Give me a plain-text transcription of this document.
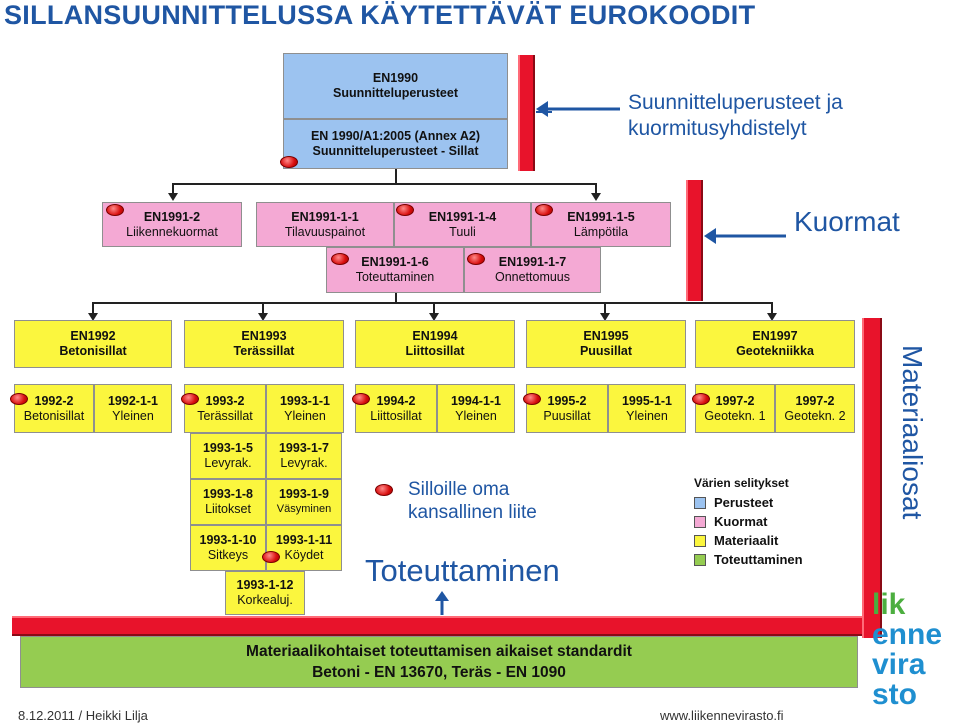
SILLANSUUNNITTELUSSA KÄYTETTÄVÄT EUROKOODIT
EN1990
Suunnitteluperusteet
EN 1990/A1:2005 (Annex A2)
Suunnitteluperusteet - Sillat
Suunnitteluperusteet ja
kuormitusyhdistelyt
EN1991-2
Liikennekuormat
EN1991-1-1
Tilavuuspainot
EN1991-1-4
Tuuli
EN1991-1-5
Lämpötila
EN1991-1-6
Toteuttaminen
EN1991-1-7
Onnettomuus
Kuormat
EN1992
Betonisillat
EN1993
Terässillat
EN1994
Liittosillat
EN1995
Puusillat
EN1997
Geotekniikka
1992-2
Betonisillat
1992-1-1
Yleinen
1993-2
Terässillat
1993-1-1
Yleinen
1994-2
Liittosillat
1994-1-1
Yleinen
1995-2
Puusillat
1995-1-1
Yleinen
1997-2
Geotekn. 1
1997-2
Geotekn. 2
1993-1-5
Levyrak.
1993-1-7
Levyrak.
1993-1-8
Liitokset
1993-1-9
Väsyminen
1993-1-10
Sitkeys
1993-1-11
Köydet
1993-1-12
Korkealuj.
Silloille oma
kansallinen liite
Toteuttaminen
Värien selitykset
Perusteet
Kuormat
Materiaalit
Toteuttaminen
Materiaaliosat
Materiaalikohtaiset toteuttamisen aikaiset standardit
Betoni - EN 13670, Teräs - EN 1090
lik
enne
vira
sto
8.12.2011 / Heikki Lilja	www.liikennevirasto.fi
